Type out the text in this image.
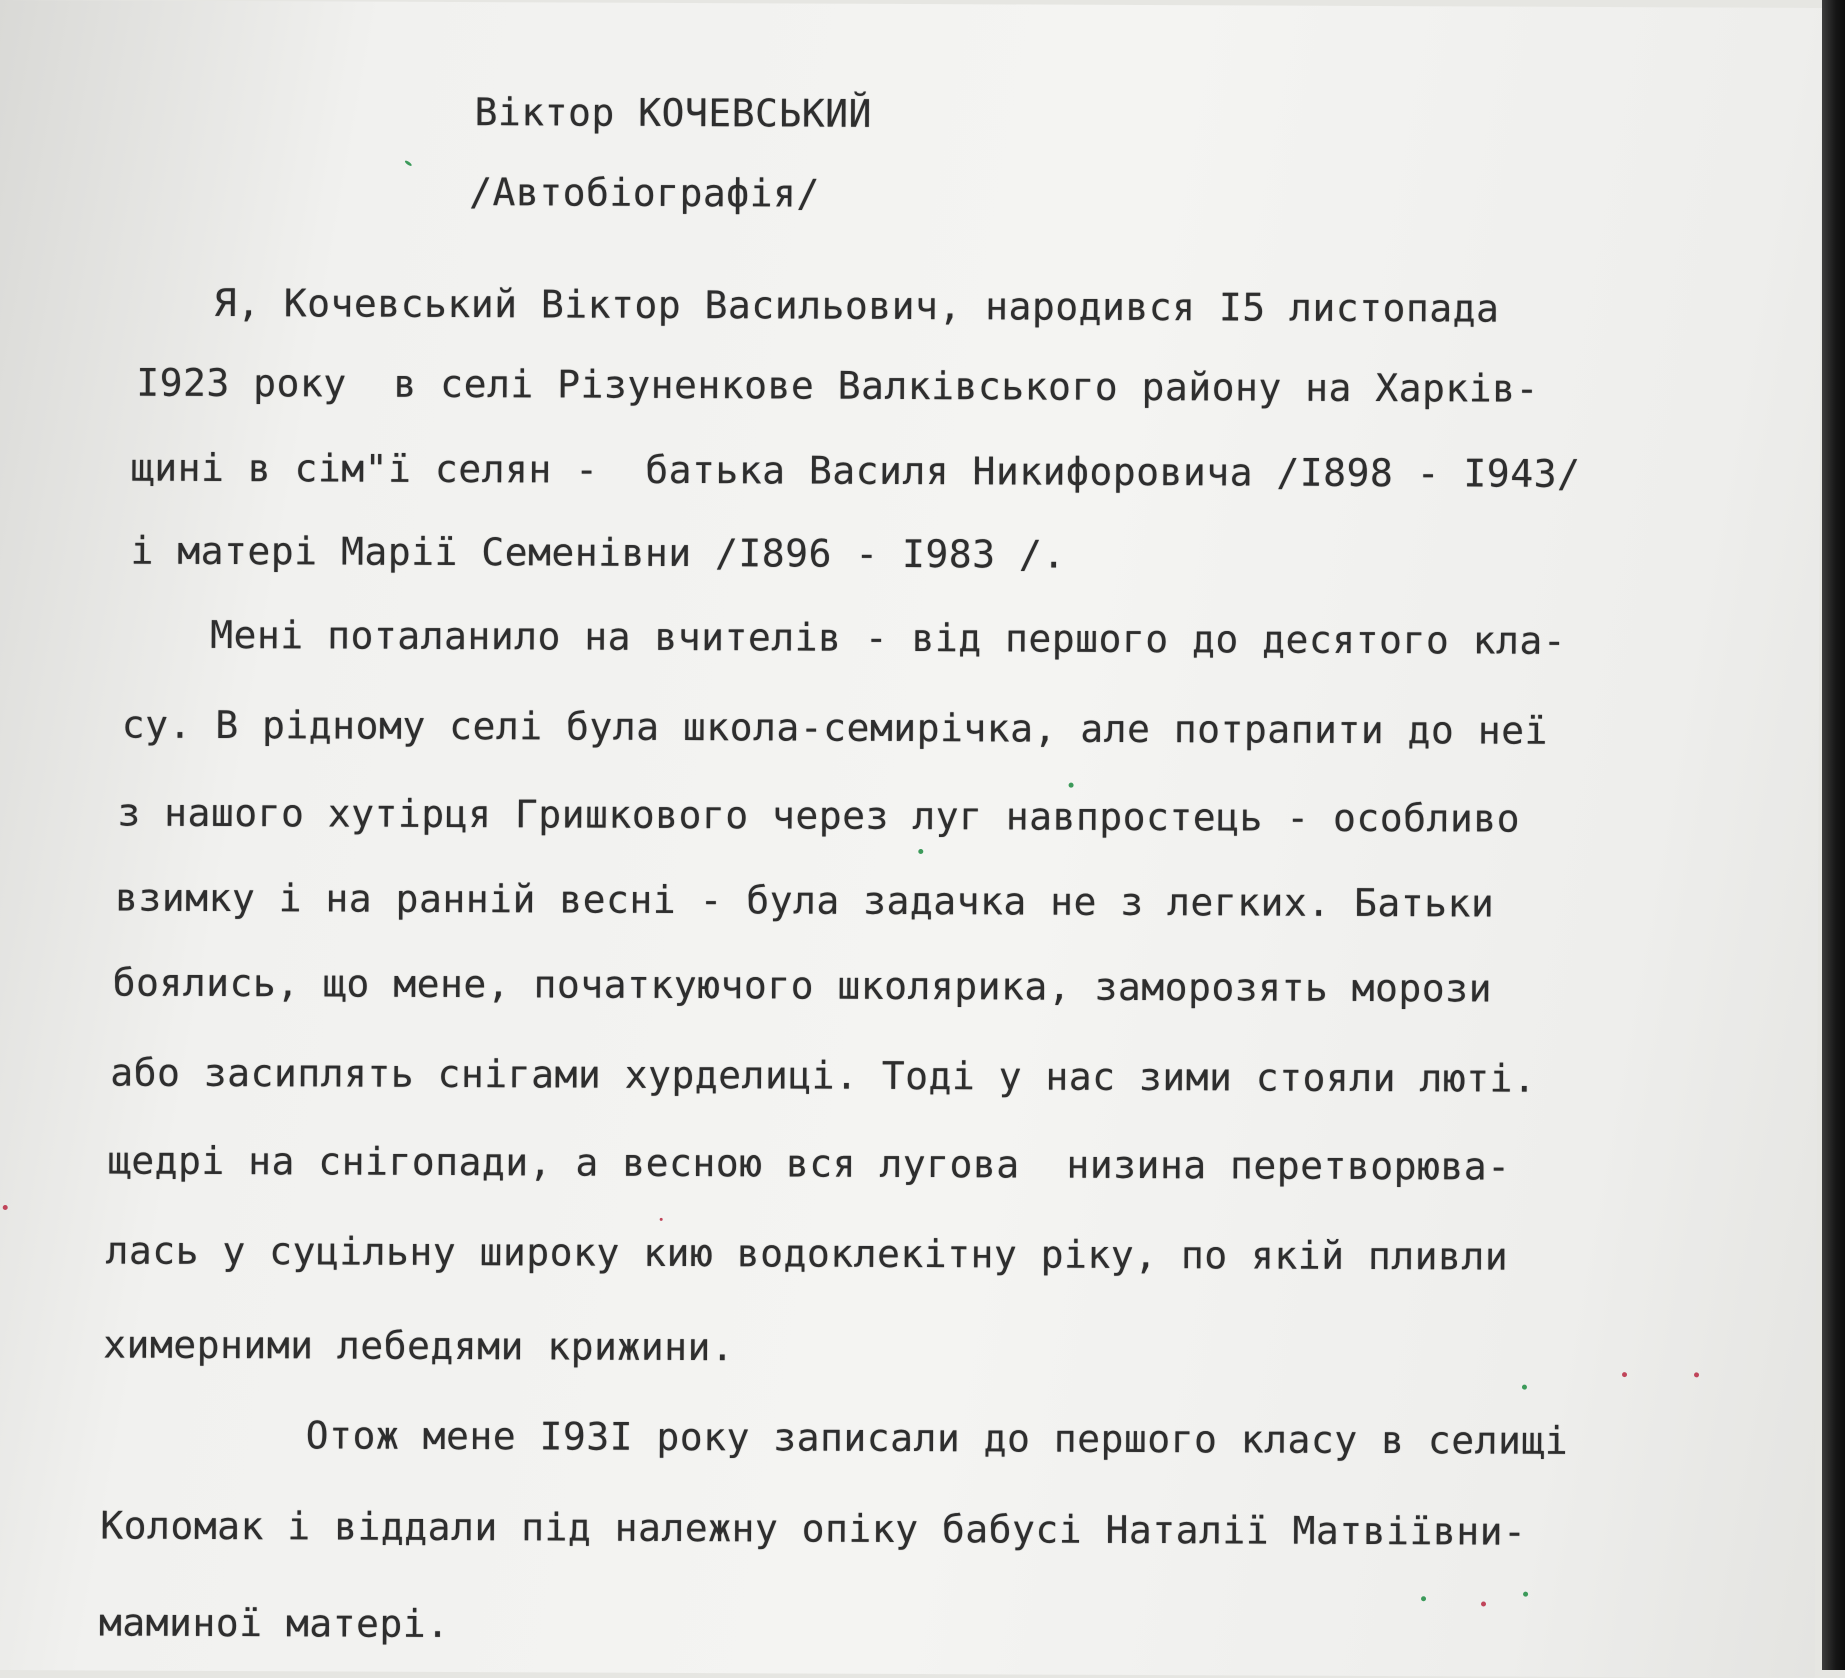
Віктор КОЧЕВСЬКИЙ

/Автобіографія/

Я, Кочевський Віктор Васильович, народився I5 листопада

I923 року  в селі Різуненкове Валківського району на Харків-

щині в сім"ї селян -  батька Василя Никифоровича /I898 - I943/

і матері Марії Семенівни /I896 - I983 /.

Мені поталанило на вчителів - від першого до десятого кла-

су. В рідному селі була школа-семирічка, але потрапити до неї

з нашого хутірця Гришкового через луг навпростець - особливо

взимку і на ранній весні - була задачка не з легких. Батьки

боялись, що мене, початкуючого школярика, заморозять морози

або засиплять снігами хурделиці. Тоді у нас зими стояли люті.

щедрі на снігопади, а весною вся лугова  низина перетворюва-

лась у суцільну широку кию водоклекітну ріку, по якій пливли

химерними лебедями крижини.

Отож мене I93I року записали до першого класу в селищі

Коломак і віддали під належну опіку бабусі Наталії Матвіївни-

маминої матері.
